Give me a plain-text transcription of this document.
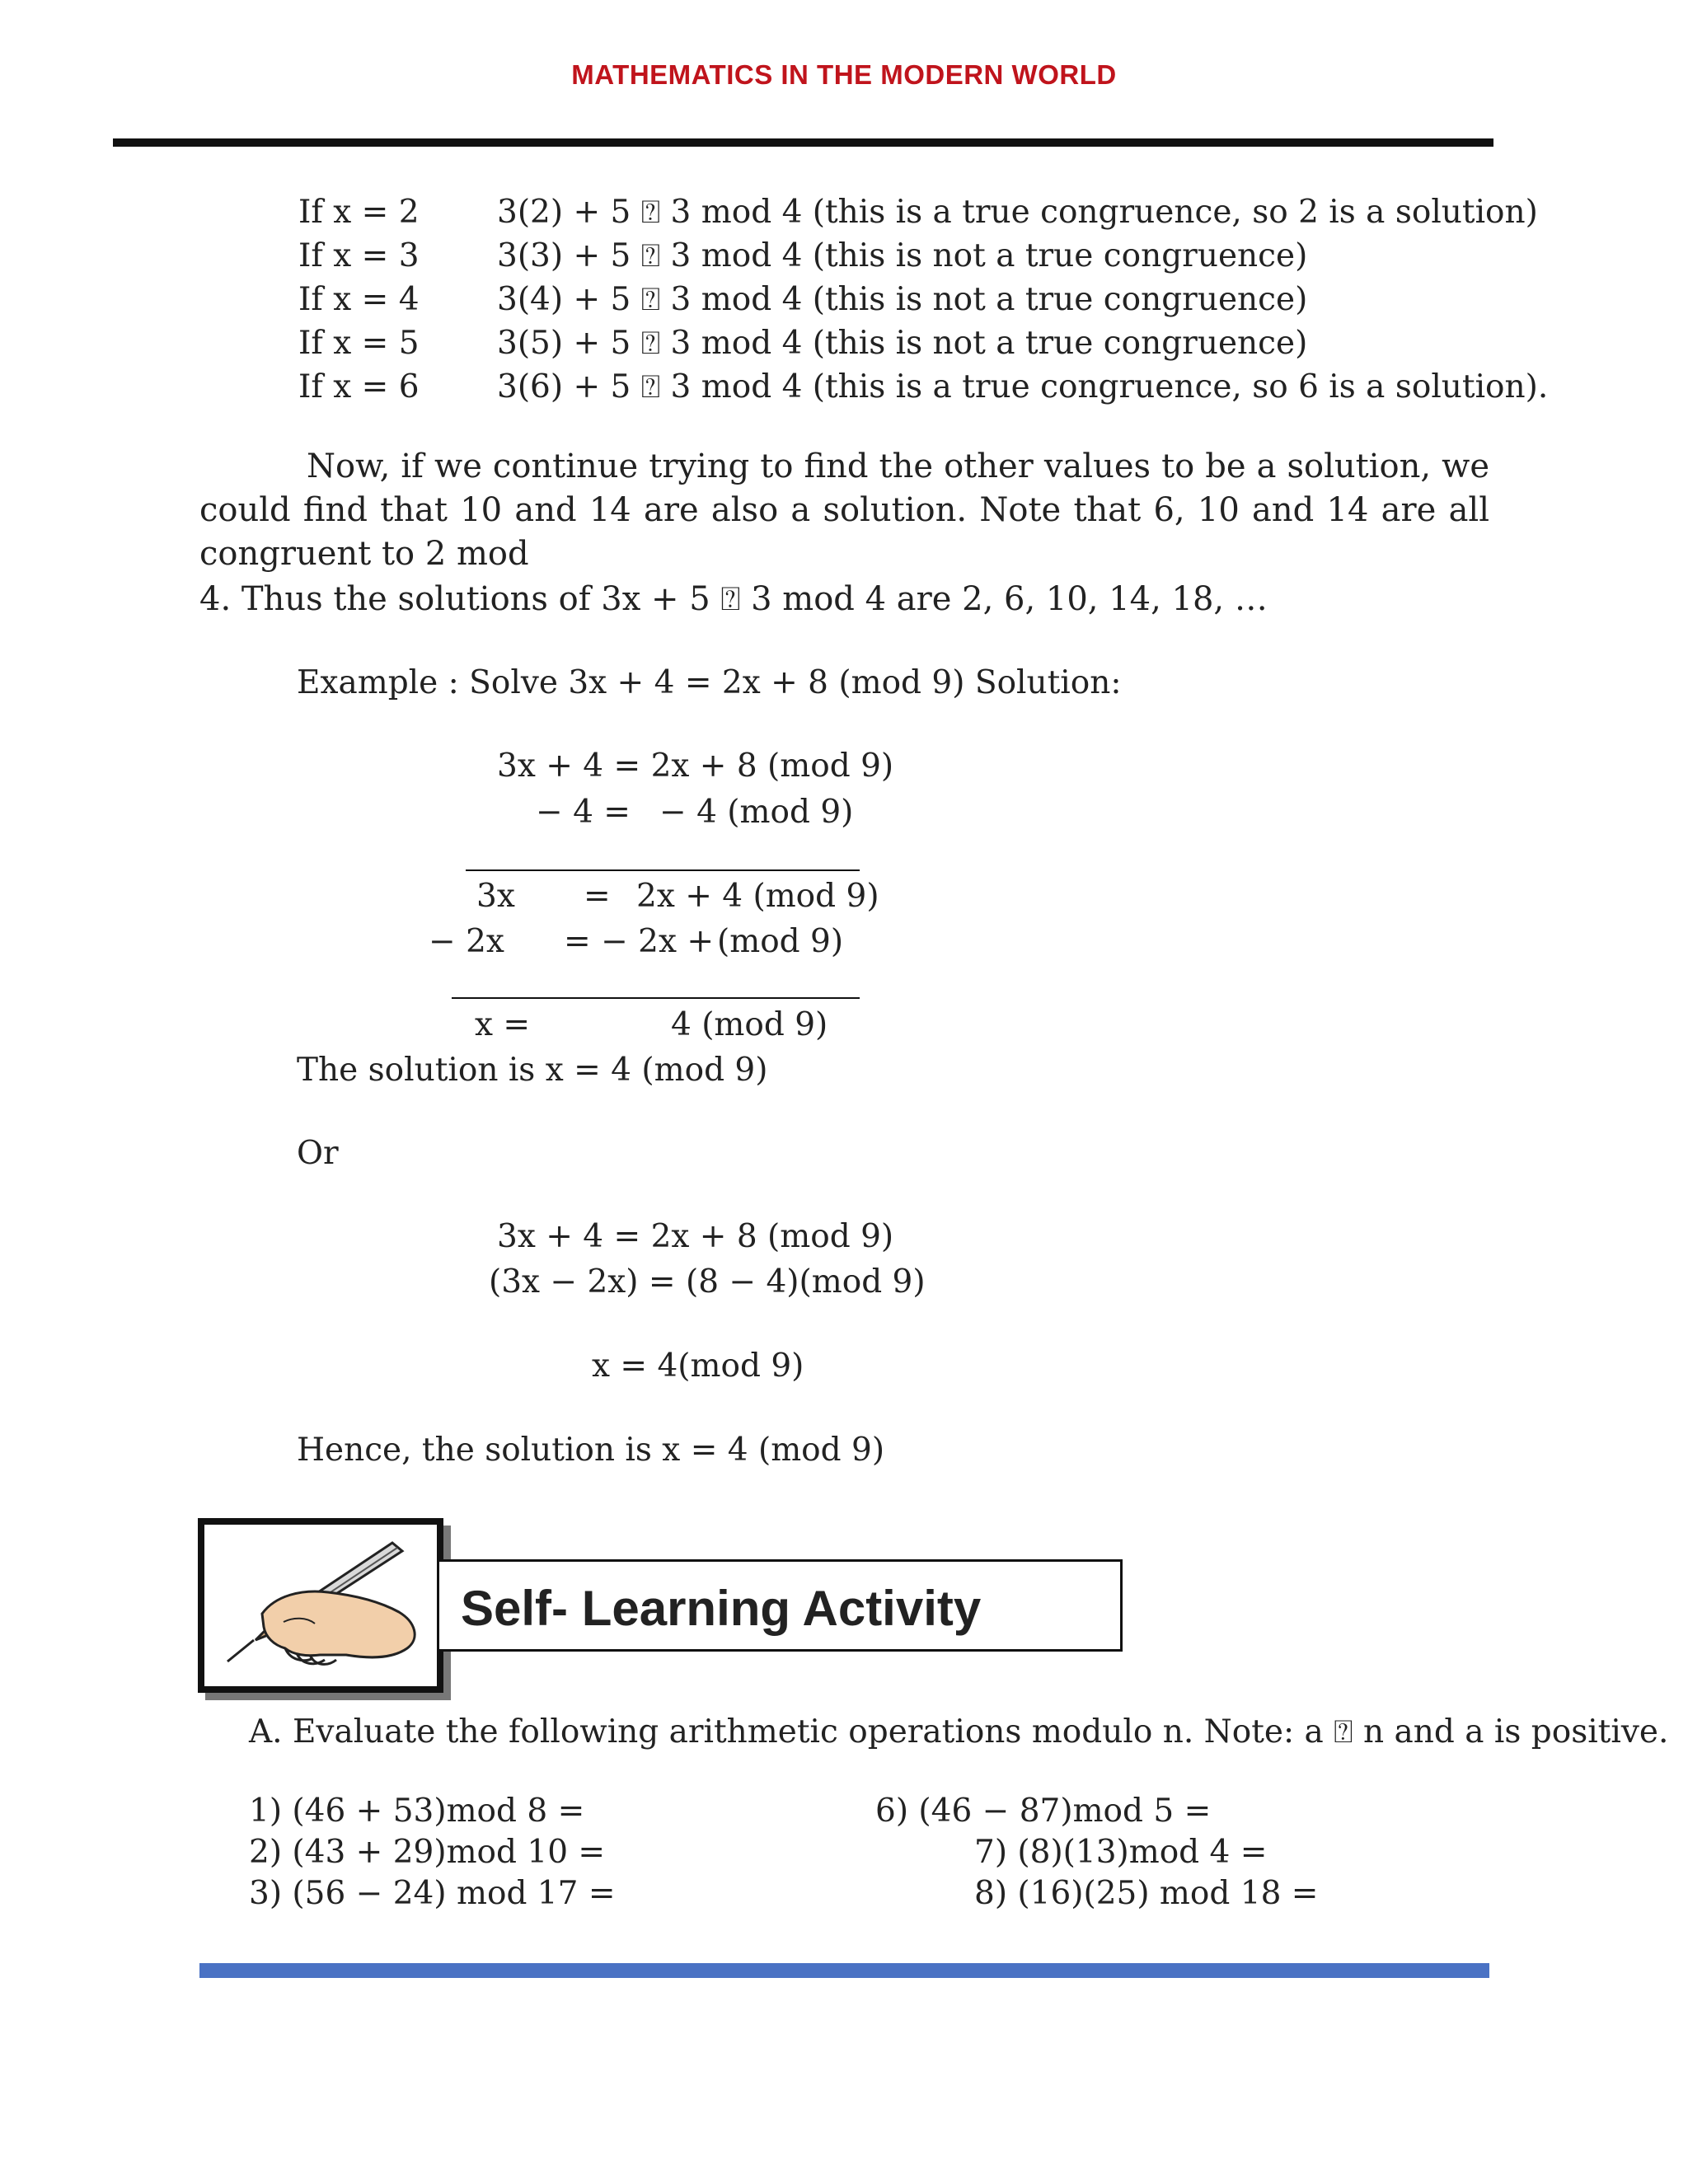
MATHEMATICS IN THE MODERN WORLD
If x = 2 3(2) + 5 ⍰ 3 mod 4 (this is a true congruence, so 2 is a solution)
If x = 3 3(3) + 5 ⍰ 3 mod 4 (this is not a true congruence)
If x = 4 3(4) + 5 ⍰ 3 mod 4 (this is not a true congruence)
If x = 5 3(5) + 5 ⍰ 3 mod 4 (this is not a true congruence)
If x = 6 3(6) + 5 ⍰ 3 mod 4 (this is a true congruence, so 6 is a solution).
Now, if we continue trying to find the other values to be a solution, we could find that 10 and 14 are also a solution. Note that 6, 10 and 14 are all congruent to 2 mod
4. Thus the solutions of 3x + 5 ⍰ 3 mod 4 are 2, 6, 10, 14, 18, …
Example : Solve 3x + 4 = 2x + 8 (mod 9) Solution:
3x + 4 = 2x + 8 (mod 9)
− 4 = − 4 (mod 9)
3x = 2x + 4 (mod 9)
− 2x = − 2x + (mod 9)
x =	4 (mod 9)
The solution is x = 4 (mod 9)
Or
3x + 4 = 2x + 8 (mod 9)
(3x − 2x) = (8 − 4)(mod 9)
x = 4(mod 9)
Hence, the solution is x = 4 (mod 9)
Self- Learning Activity
A. Evaluate the following arithmetic operations modulo n. Note: a ⍰ n and a is positive.
1) (46 + 53)mod 8 =
2) (43 + 29)mod 10 =
3) (56 − 24) mod 17 =
6) (46 − 87)mod 5 =
7) (8)(13)mod 4 =
8) (16)(25) mod 18 =
